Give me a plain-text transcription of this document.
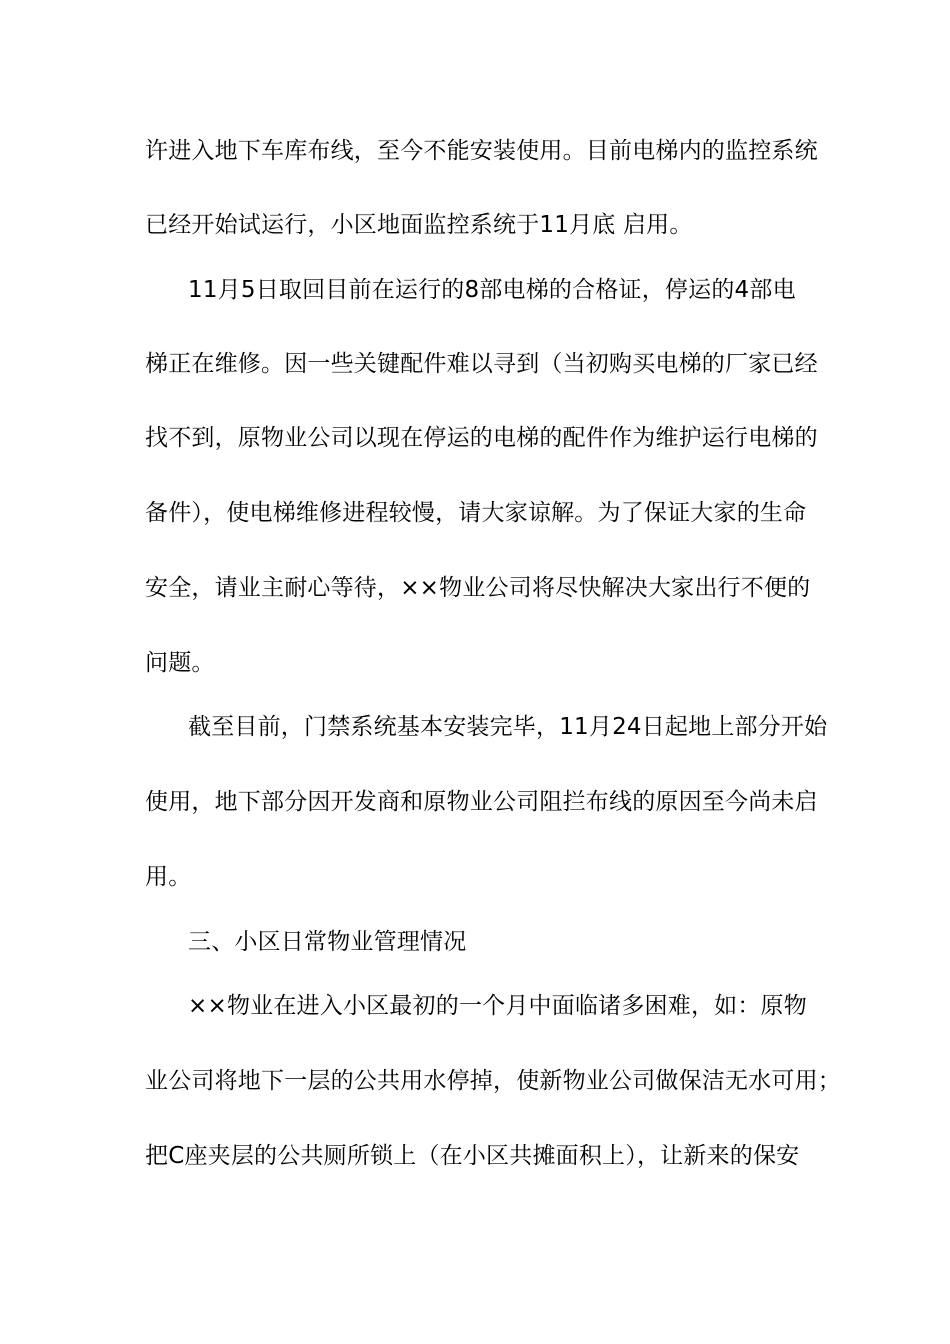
许进入地下车库布线，至今不能安装使用。目前电梯内的监控系统
已经开始试运行，小区地面监控系统于11月底 启用。
11月5日取回目前在运行的8部电梯的合格证，停运的4部电
梯正在维修。因一些关键配件难以寻到（当初购买电梯的厂家已经
找不到，原物业公司以现在停运的电梯的配件作为维护运行电梯的
备件），使电梯维修进程较慢，请大家谅解。为了保证大家的生命
安全，请业主耐心等待，××物业公司将尽快解决大家出行不便的
问题。
截至目前，门禁系统基本安装完毕，11月24日起地上部分开始
使用，地下部分因开发商和原物业公司阻拦布线的原因至今尚未启
用。
三、小区日常物业管理情况
××物业在进入小区最初的一个月中面临诸多困难，如：原物
业公司将地下一层的公共用水停掉，使新物业公司做保洁无水可用；
把C座夹层的公共厕所锁上（在小区共摊面积上），让新来的保安
